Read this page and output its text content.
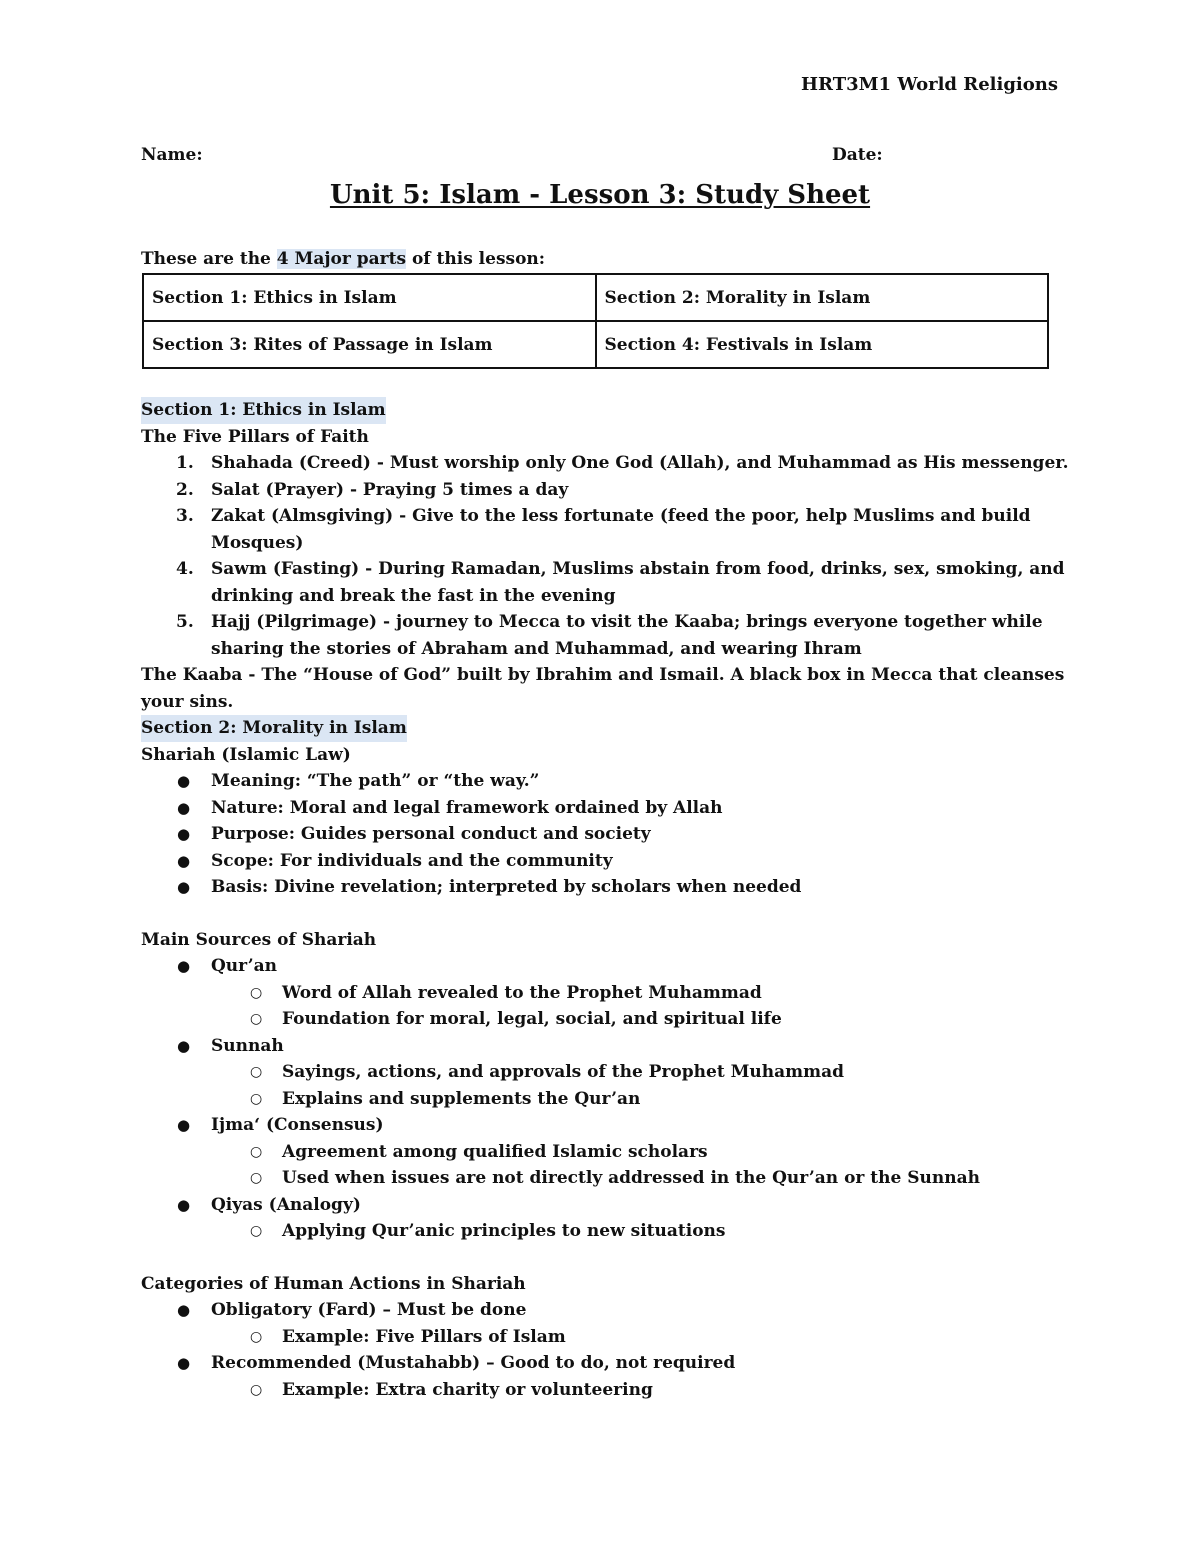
HRT3M1 World Religions
Name:	Date:
Unit 5: Islam - Lesson 3: Study Sheet
These are the 4 Major parts of this lesson:
Section 1: Ethics in Islam	Section 2: Morality in Islam
Section 3: Rites of Passage in Islam	Section 4: Festivals in Islam
Section 1: Ethics in Islam
The Five Pillars of Faith
1. Shahada (Creed) - Must worship only One God (Allah), and Muhammad as His messenger.
2. Salat (Prayer) - Praying 5 times a day
3. Zakat (Almsgiving) - Give to the less fortunate (feed the poor, help Muslims and build Mosques)
4. Sawm (Fasting) - During Ramadan, Muslims abstain from food, drinks, sex, smoking, and drinking and break the fast in the evening
5. Hajj (Pilgrimage) - journey to Mecca to visit the Kaaba; brings everyone together while sharing the stories of Abraham and Muhammad, and wearing Ihram
The Kaaba - The “House of God” built by Ibrahim and Ismail. A black box in Mecca that cleanses your sins.
Section 2: Morality in Islam
Shariah (Islamic Law)
● Meaning: “The path” or “the way.”
● Nature: Moral and legal framework ordained by Allah
● Purpose: Guides personal conduct and society
● Scope: For individuals and the community
● Basis: Divine revelation; interpreted by scholars when needed
Main Sources of Shariah
● Qur’an
○ Word of Allah revealed to the Prophet Muhammad
○ Foundation for moral, legal, social, and spiritual life
● Sunnah
○ Sayings, actions, and approvals of the Prophet Muhammad
○ Explains and supplements the Qur’an
● Ijma‘ (Consensus)
○ Agreement among qualified Islamic scholars
○ Used when issues are not directly addressed in the Qur’an or the Sunnah
● Qiyas (Analogy)
○ Applying Qur’anic principles to new situations
Categories of Human Actions in Shariah
● Obligatory (Fard) – Must be done
○ Example: Five Pillars of Islam
● Recommended (Mustahabb) – Good to do, not required
○ Example: Extra charity or volunteering
